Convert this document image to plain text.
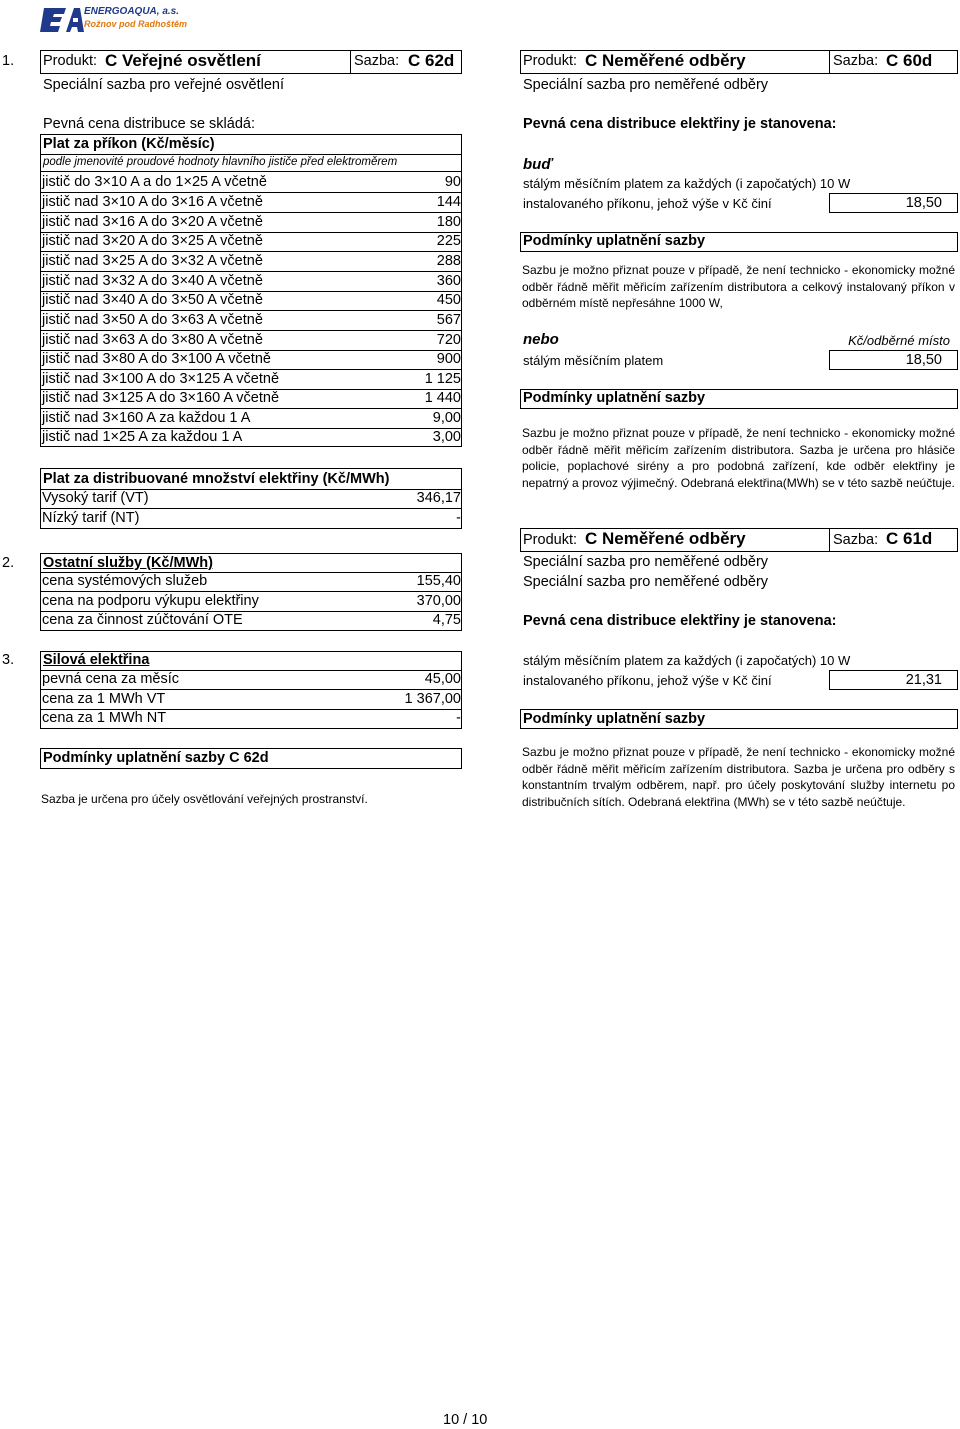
ENERGOAQUA, a.s.
Rožnov pod Radhoštěm
1. Produkt: C Veřejné osvětlení	Sazba: C 62d
Speciální sazba pro veřejné osvětlení
Pevná cena distribuce se skládá:
Plat za příkon (Kč/měsíc)
podle jmenovité proudové hodnoty hlavního jističe před elektroměrem
jistič do 3×10 A a do 1×25 A včetně	90
jistič nad 3×10 A do 3×16 A včetně	144
jistič nad 3×16 A do 3×20 A včetně	180
jistič nad 3×20 A do 3×25 A včetně	225
jistič nad 3×25 A do 3×32 A včetně	288
jistič nad 3×32 A do 3×40 A včetně	360
jistič nad 3×40 A do 3×50 A včetně	450
jistič nad 3×50 A do 3×63 A včetně	567
jistič nad 3×63 A do 3×80 A včetně	720
jistič nad 3×80 A do 3×100 A včetně	900
jistič nad 3×100 A do 3×125 A včetně	1 125
jistič nad 3×125 A do 3×160 A včetně	1 440
jistič nad 3×160 A za každou 1 A	9,00
jistič nad 1×25 A za každou 1 A	3,00
Plat za distribuované množství elektřiny (Kč/MWh)
Vysoký tarif (VT)	346,17
Nízký tarif (NT)	-
2. Ostatní služby (Kč/MWh)
cena systémových služeb	155,40
cena na podporu výkupu elektřiny	370,00
cena za činnost zúčtování OTE	4,75
3. Silová elektřina
pevná cena za měsíc	45,00
cena za 1 MWh VT	1 367,00
cena za 1 MWh NT	-
Podmínky uplatnění sazby C 62d
Sazba je určena pro účely osvětlování veřejných prostranství.
Produkt: C Neměřené odběry	Sazba: C 60d
Speciální sazba pro neměřené odběry
Pevná cena distribuce elektřiny je stanovena:
buď
stálým měsíčním platem za každých (i započatých) 10 W
instalovaného příkonu, jehož výše v Kč činí	18,50
Podmínky uplatnění sazby
Sazbu je možno přiznat pouze v případě, že není technicko - ekonomicky možné odběr řádně měřit měřicím zařízením distributora a celkový instalovaný příkon v odběrném místě nepřesáhne 1000 W,
nebo	Kč/odběrné místo
stálým měsíčním platem	18,50
Podmínky uplatnění sazby
Sazbu je možno přiznat pouze v případě, že není technicko - ekonomicky možné odběr řádně měřit měřicím zařízením distributora. Sazba je určena pro hlásiče policie, poplachové sirény a pro podobná zařízení, kde odběr elektřiny je nepatrný a provoz výjimečný. Odebraná elektřina(MWh) se v této sazbě neúčtuje.
Produkt: C Neměřené odběry	Sazba: C 61d
Speciální sazba pro neměřené odběry
Speciální sazba pro neměřené odběry
Pevná cena distribuce elektřiny je stanovena:
stálým měsíčním platem za každých (i započatých) 10 W
instalovaného příkonu, jehož výše v Kč činí	21,31
Podmínky uplatnění sazby
Sazbu je možno přiznat pouze v případě, že není technicko - ekonomicky možné odběr řádně měřit měřicím zařízením distributora. Sazba je určena pro odběry s konstantním trvalým odběrem, např. pro účely poskytování služby internetu po distribučních sítích. Odebraná elektřina (MWh) se v této sazbě neúčtuje.
10 / 10
